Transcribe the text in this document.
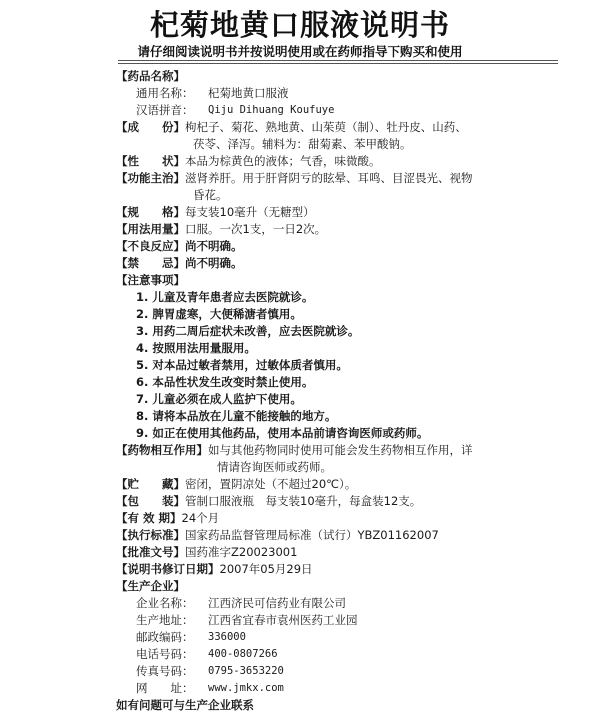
杞菊地黄口服液说明书
请仔细阅读说明书并按说明使用或在药师指导下购买和使用
【药品名称】
通用名称：	杞菊地黄口服液
汉语拼音：	Qiju Dihuang Koufuye
【成　　份】 枸杞子、菊花、熟地黄、山茱萸（制）、牡丹皮、山药、
茯苓、泽泻。辅料为：甜菊素、苯甲酸钠。
【性　　状】 本品为棕黄色的液体；气香，味微酸。
【功能主治】 滋肾养肝。用于肝肾阴亏的眩晕、耳鸣、目涩畏光、视物
昏花。
【规　　格】 每支装10毫升（无糖型）
【用法用量】 口服。一次1支，一日2次。
【不良反应】 尚不明确。
【禁　　忌】 尚不明确。
【注意事项】
1. 儿童及青年患者应去医院就诊。
2. 脾胃虚寒，大便稀溏者慎用。
3. 用药二周后症状未改善，应去医院就诊。
4. 按照用法用量服用。
5. 对本品过敏者禁用，过敏体质者慎用。
6. 本品性状发生改变时禁止使用。
7. 儿童必须在成人监护下使用。
8. 请将本品放在儿童不能接触的地方。
9. 如正在使用其他药品，使用本品前请咨询医师或药师。
【药物相互作用】 如与其他药物同时使用可能会发生药物相互作用，详
情请咨询医师或药师。
【贮　　藏】 密闭，置阴凉处（不超过20℃）。
【包　　装】 管制口服液瓶　每支装10毫升，每盒装12支。
【有 效 期】 24个月
【执行标准】 国家药品监督管理局标准（试行）YBZ01162007
【批准文号】 国药准字Z20023001
【说明书修订日期】 2007年05月29日
【生产企业】
企业名称：	江西济民可信药业有限公司
生产地址：	江西省宜春市袁州医药工业园
邮政编码：	336000
电话号码：	400-0807266
传真号码：	0795-3653220
网　　址：	www.jmkx.com
如有问题可与生产企业联系
